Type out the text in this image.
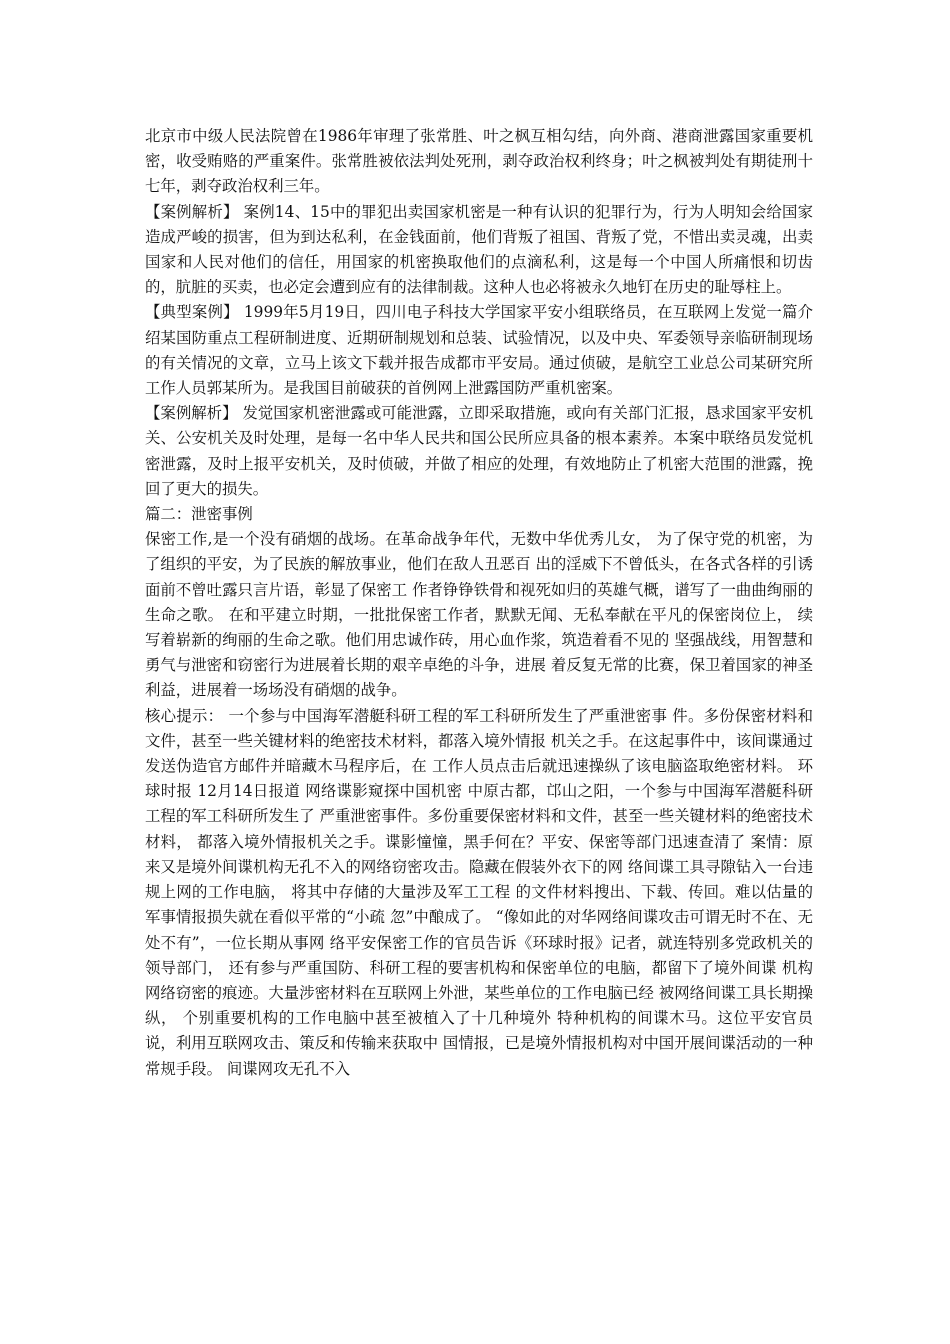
北京市中级人民法院曾在1986年审理了张常胜、叶之枫互相勾结，向外商、港商泄露国家重要机密，收受贿赂的严重案件。张常胜被依法判处死刑，剥夺政治权利终身；叶之枫被判处有期徒刑十七年，剥夺政治权利三年。

【案例解析】 案例14、15中的罪犯出卖国家机密是一种有认识的犯罪行为，行为人明知会给国家造成严峻的损害，但为到达私利，在金钱面前，他们背叛了祖国、背叛了党，不惜出卖灵魂，出卖国家和人民对他们的信任，用国家的机密换取他们的点滴私利，这是每一个中国人所痛恨和切齿的，肮脏的买卖，也必定会遭到应有的法律制裁。这种人也必将被永久地钉在历史的耻辱柱上。

【典型案例】 1999年5月19日，四川电子科技大学国家平安小组联络员，在互联网上发觉一篇介绍某国防重点工程研制进度、近期研制规划和总装、试验情况，以及中央、军委领导亲临研制现场的有关情况的文章，立马上该文下载并报告成都市平安局。通过侦破，是航空工业总公司某研究所工作人员郭某所为。是我国目前破获的首例网上泄露国防严重机密案。

【案例解析】 发觉国家机密泄露或可能泄露，立即采取措施，或向有关部门汇报，恳求国家平安机关、公安机关及时处理，是每一名中华人民共和国公民所应具备的根本素养。本案中联络员发觉机密泄露，及时上报平安机关，及时侦破，并做了相应的处理，有效地防止了机密大范围的泄露，挽回了更大的损失。

篇二：泄密事例

保密工作,是一个没有硝烟的战场。在革命战争年代，无数中华优秀儿女， 为了保守党的机密，为了组织的平安，为了民族的解放事业，他们在敌人丑恶百 出的淫威下不曾低头，在各式各样的引诱面前不曾吐露只言片语，彰显了保密工 作者铮铮铁骨和视死如归的英雄气概，谱写了一曲曲绚丽的生命之歌。 在和平建立时期，一批批保密工作者，默默无闻、无私奉献在平凡的保密岗位上， 续写着崭新的绚丽的生命之歌。他们用忠诚作砖，用心血作浆，筑造着看不见的 坚强战线，用智慧和勇气与泄密和窃密行为进展着长期的艰辛卓绝的斗争，进展 着反复无常的比赛，保卫着国家的神圣利益，进展着一场场没有硝烟的战争。

核心提示： 一个参与中国海军潜艇科研工程的军工科研所发生了严重泄密事 件。多份保密材料和文件，甚至一些关键材料的绝密技术材料，都落入境外情报 机关之手。在这起事件中，该间谍通过发送伪造官方邮件并暗藏木马程序后，在 工作人员点击后就迅速操纵了该电脑盗取绝密材料。 环球时报 12月14日报道 网络谍影窥探中国机密 中原古都，邙山之阳，一个参与中国海军潜艇科研工程的军工科研所发生了 严重泄密事件。多份重要保密材料和文件，甚至一些关键材料的绝密技术材料， 都落入境外情报机关之手。谍影憧憧，黑手何在？平安、保密等部门迅速查清了 案情：原来又是境外间谍机构无孔不入的网络窃密攻击。隐藏在假装外衣下的网 络间谍工具寻隙钻入一台违规上网的工作电脑， 将其中存储的大量涉及军工工程 的文件材料搜出、下载、传回。难以估量的军事情报损失就在看似平常的“小疏 忽”中酿成了。 “像如此的对华网络间谍攻击可谓无时不在、无处不有”，一位长期从事网 络平安保密工作的官员告诉《环球时报》记者，就连特别多党政机关的领导部门， 还有参与严重国防、科研工程的要害机构和保密单位的电脑，都留下了境外间谍 机构网络窃密的痕迹。大量涉密材料在互联网上外泄，某些单位的工作电脑已经 被网络间谍工具长期操纵， 个别重要机构的工作电脑中甚至被植入了十几种境外 特种机构的间谍木马。这位平安官员说，利用互联网攻击、策反和传输来获取中 国情报，已是境外情报机构对中国开展间谍活动的一种常规手段。 间谍网攻无孔不入
